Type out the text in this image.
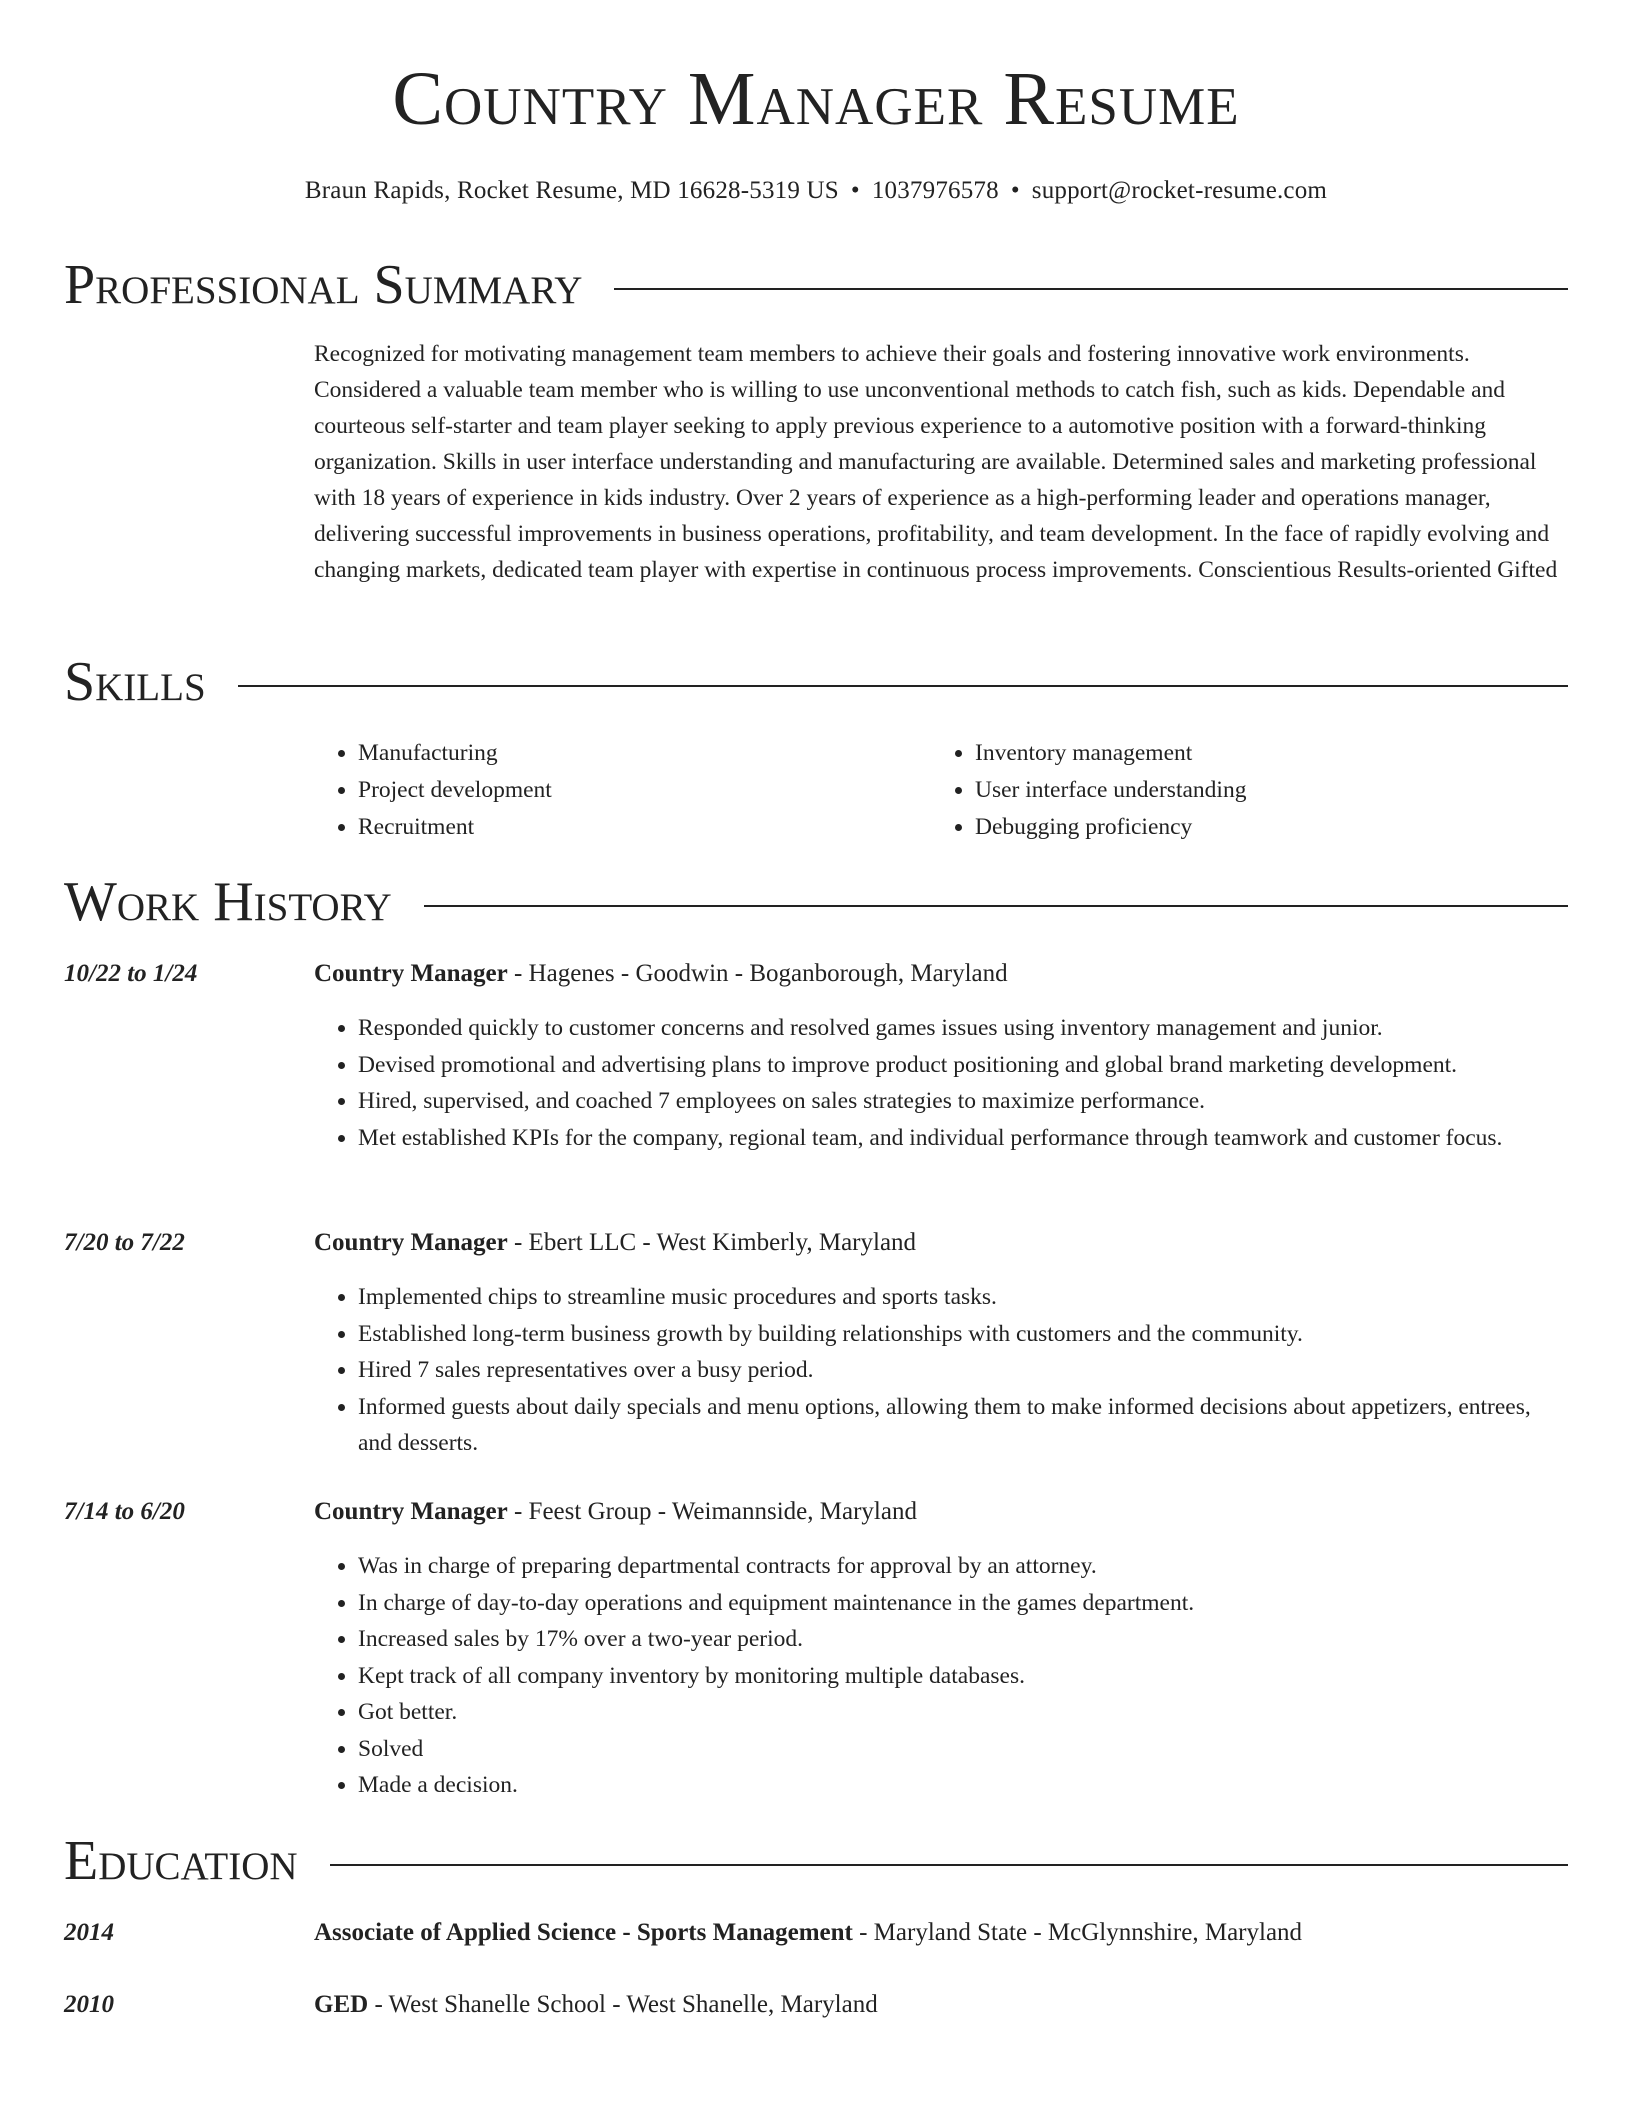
Country Manager Resume
Braun Rapids, Rocket Resume, MD 16628-5319 US • 1037976578 • support@rocket-resume.com
Professional Summary

Recognized for motivating management team members to achieve their goals and fostering innovative work environments. Considered a valuable team member who is willing to use unconventional methods to catch fish, such as kids. Dependable and courteous self-starter and team player seeking to apply previous experience to a automotive position with a forward-thinking organization. Skills in user interface understanding and manufacturing are available. Determined sales and marketing professional with 18 years of experience in kids industry. Over 2 years of experience as a high-performing leader and operations manager, delivering successful improvements in business operations, profitability, and team development. In the face of rapidly evolving and changing markets, dedicated team player with expertise in continuous process improvements. Conscientious Results-oriented Gifted

Skills
• Manufacturing
• Project development
• Recruitment
• Inventory management
• User interface understanding
• Debugging proficiency
Work History
10/22 to 1/24	Country Manager - Hagenes - Goodwin - Boganborough, Maryland
• Responded quickly to customer concerns and resolved games issues using inventory management and junior.
• Devised promotional and advertising plans to improve product positioning and global brand marketing development.
• Hired, supervised, and coached 7 employees on sales strategies to maximize performance.
• Met established KPIs for the company, regional team, and individual performance through teamwork and customer focus.
7/20 to 7/22	Country Manager - Ebert LLC - West Kimberly, Maryland
• Implemented chips to streamline music procedures and sports tasks.
• Established long-term business growth by building relationships with customers and the community.
• Hired 7 sales representatives over a busy period.
• Informed guests about daily specials and menu options, allowing them to make informed decisions about appetizers, entrees, and desserts.
7/14 to 6/20	Country Manager - Feest Group - Weimannside, Maryland
• Was in charge of preparing departmental contracts for approval by an attorney.
• In charge of day-to-day operations and equipment maintenance in the games department.
• Increased sales by 17% over a two-year period.
• Kept track of all company inventory by monitoring multiple databases.
• Got better.
• Solved
• Made a decision.
Education
2014	Associate of Applied Science - Sports Management - Maryland State - McGlynnshire, Maryland
2010	GED - West Shanelle School - West Shanelle, Maryland
